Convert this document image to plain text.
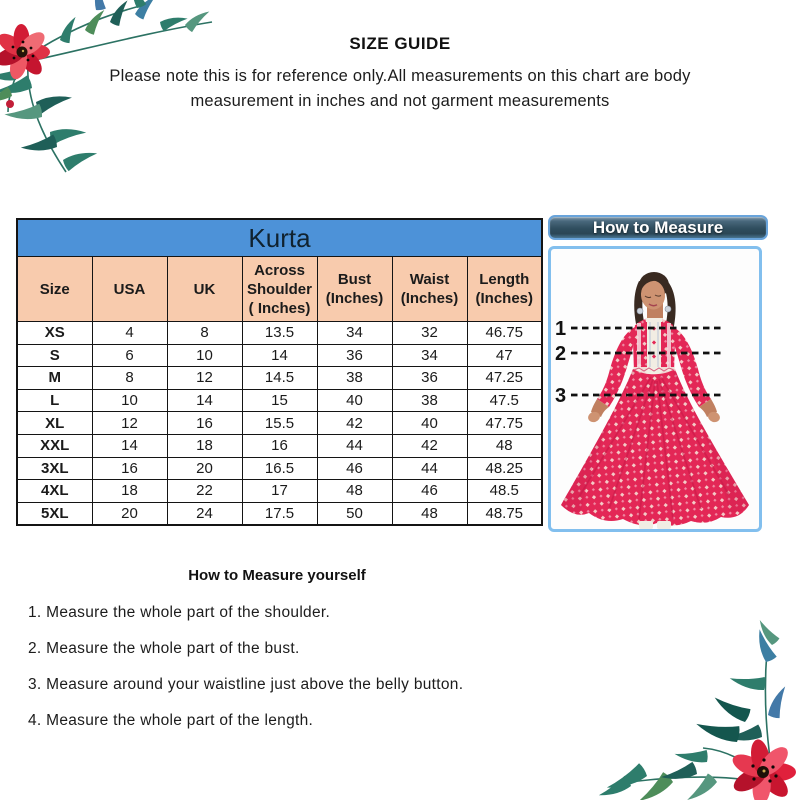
SIZE GUIDE
Please note this is for reference only.All measurements on this chart are body
measurement in inches and not garment measurements
Kurta						
Size	USA	UK	Across Shoulder ( Inches)	Bust (Inches)	Waist (Inches)	Length (Inches)
XS	4	8	13.5	34	32	46.75
S	6	10	14	36	34	47
M	8	12	14.5	38	36	47.25
L	10	14	15	40	38	47.5
XL	12	16	15.5	42	40	47.75
XXL	14	18	16	44	42	48
3XL	16	20	16.5	46	44	48.25
4XL	18	22	17	48	46	48.5
5XL	20	24	17.5	50	48	48.75
How to Measure
1
2
3
How to Measure yourself

1. Measure the whole part of the shoulder.

2. Measure the whole part of the bust.

3. Measure around your waistline just above the belly button.

4. Measure the whole part of the length.
